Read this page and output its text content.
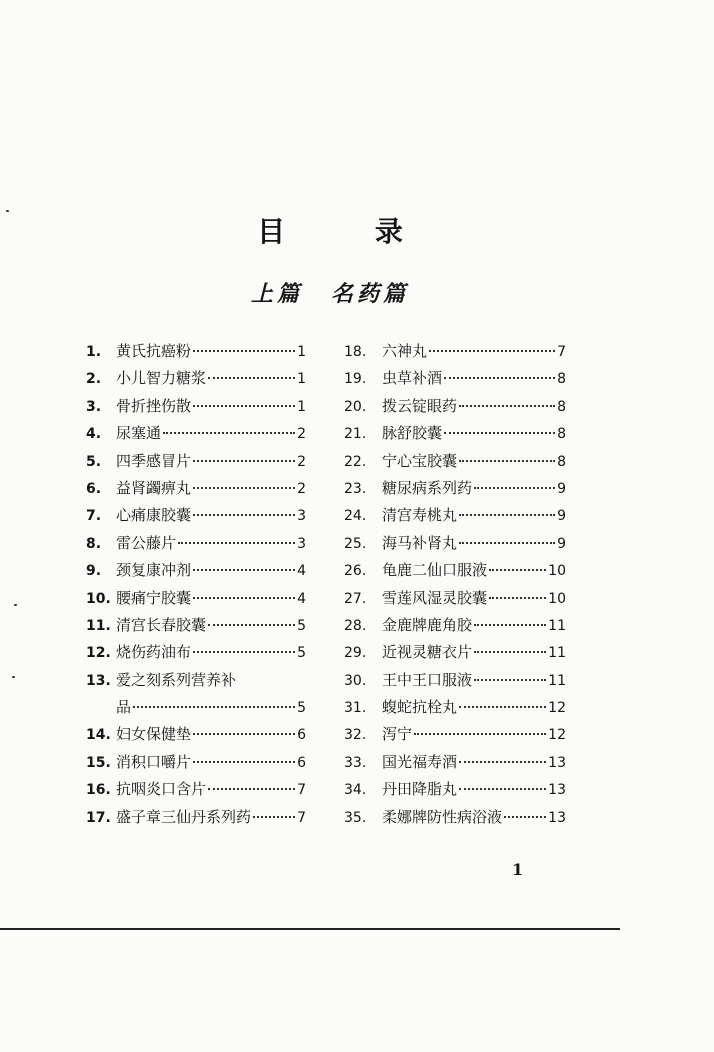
目 录
上篇 名药篇
1. 黄氏抗癌粉	1
2. 小儿智力糖浆	1
3. 骨折挫伤散	1
4. 尿塞通	2
5. 四季感冒片	2
6. 益肾蠲痹丸	2
7. 心痛康胶囊	3
8. 雷公藤片	3
9. 颈复康冲剂	4
10. 腰痛宁胶囊	4
11. 清宫长春胶囊	5
12. 烧伤药油布	5
13. 爱之刻系列营养补
品	5
14. 妇女保健垫	6
15. 消积口嚼片	6
16. 抗咽炎口含片	7
17. 盛子章三仙丹系列药	7
18.	六神丸	7
19.	虫草补酒	8
20.	拨云锭眼药	8
21.	脉舒胶囊	8
22.	宁心宝胶囊	8
23.	糖尿病系列药	9
24.	清宫寿桃丸	9
25.	海马补肾丸	9
26.	龟鹿二仙口服液	10
27.	雪莲风湿灵胶囊	10
28.	金鹿牌鹿角胶	11
29.	近视灵糖衣片	11
30.	王中王口服液	11
31.	蝮蛇抗栓丸	12
32.	泻宁	12
33.	国光福寿酒	13
34.	丹田降脂丸	13
35.	柔娜牌防性病浴液	13
1
